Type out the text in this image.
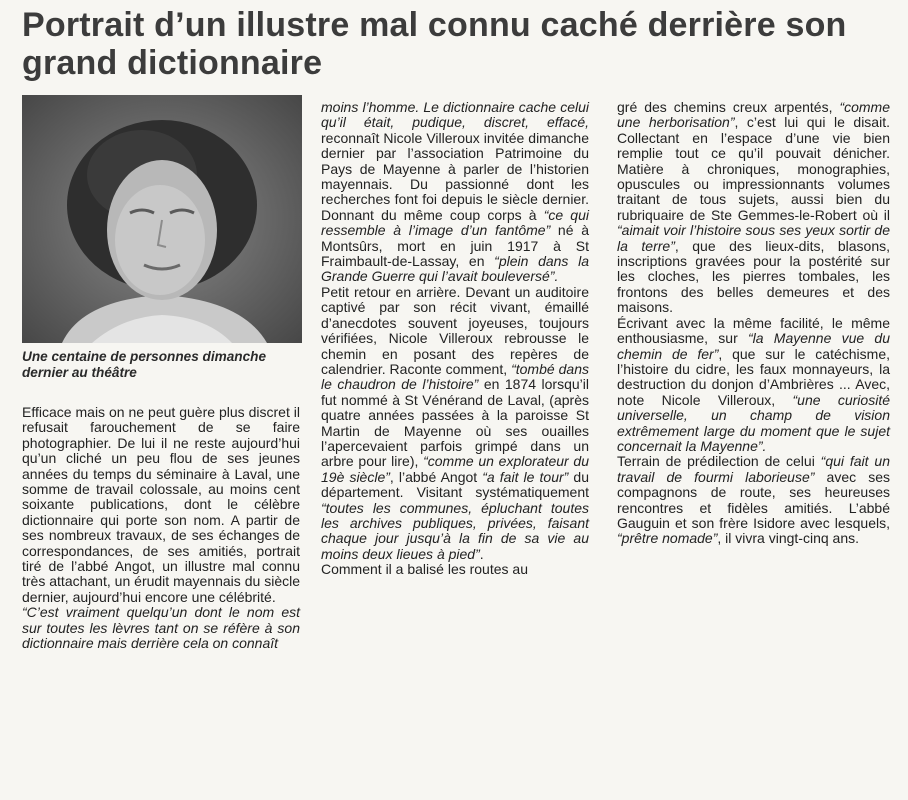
Portrait d’un illustre mal connu caché derrière son grand dictionnaire
Une centaine de personnes dimanche dernier au théâtre

Efficace mais on ne peut guère plus discret il refusait farouchement de se faire photographier. De lui il ne reste aujourd’hui qu’un cliché un peu flou de ses jeunes années du temps du séminaire à Laval, une somme de travail colossale, au moins cent soixante publications, dont le célèbre dictionnaire qui porte son nom. A partir de ses nombreux travaux, de ses échanges de correspondances, de ses amitiés, portrait tiré de l’abbé Angot, un illustre mal connu très attachant, un érudit mayennais du siècle dernier, aujourd’hui encore une célébrité.

“C’est vraiment quelqu’un dont le nom est sur toutes les lèvres tant on se réfère à son dictionnaire mais derrière cela on connaît

moins l’homme. Le dictionnaire cache celui qu’il était, pudique, discret, effacé, reconnaît Nicole Villeroux invitée dimanche dernier par l’association Patrimoine du Pays de Mayenne à parler de l’historien mayennais. Du passionné dont les recherches font foi depuis le siècle dernier. Donnant du même coup corps à “ce qui ressemble à l’image d’un fantôme” né à Montsûrs, mort en juin 1917 à St Fraimbault-de-Lassay, en “plein dans la Grande Guerre qui l’avait bouleversé”.

Petit retour en arrière. Devant un auditoire captivé par son récit vivant, émaillé d’anecdotes souvent joyeuses, toujours vérifiées, Nicole Villeroux rebrousse le chemin en posant des repères de calendrier. Raconte comment, “tombé dans le chaudron de l’histoire” en 1874 lorsqu’il fut nommé à St Vénérand de Laval, (après quatre années passées à la paroisse St Martin de Mayenne où ses ouailles l’apercevaient parfois grimpé dans un arbre pour lire), “comme un explorateur du 19è siècle”, l’abbé Angot “a fait le tour” du département. Visitant systématiquement “toutes les communes, épluchant toutes les archives publiques, privées, faisant chaque jour jusqu’à la fin de sa vie au moins deux lieues à pied”.

Comment il a balisé les routes au

gré des chemins creux arpentés, “comme une herborisation”, c’est lui qui le disait. Collectant en l’espace d’une vie bien remplie tout ce qu’il pouvait dénicher. Matière à chroniques, monographies, opuscules ou impressionnants volumes traitant de tous sujets, aussi bien du rubriquaire de Ste Gemmes-le-Robert où il “aimait voir l’histoire sous ses yeux sortir de la terre”, que des lieux-dits, blasons, inscriptions gravées pour la postérité sur les cloches, les pierres tombales, les frontons des belles demeures et des maisons.

Écrivant avec la même facilité, le même enthousiasme, sur “la Mayenne vue du chemin de fer”, que sur le catéchisme, l’histoire du cidre, les faux monnayeurs, la destruction du donjon d’Ambrières ... Avec, note Nicole Villeroux, “une curiosité universelle, un champ de vision extrêmement large du moment que le sujet concernait la Mayenne”.

Terrain de prédilection de celui “qui fait un travail de fourmi laborieuse” avec ses compagnons de route, ses heureuses rencontres et fidèles amitiés. L’abbé Gauguin et son frère Isidore avec lesquels, “prêtre nomade”, il vivra vingt-cinq ans.
